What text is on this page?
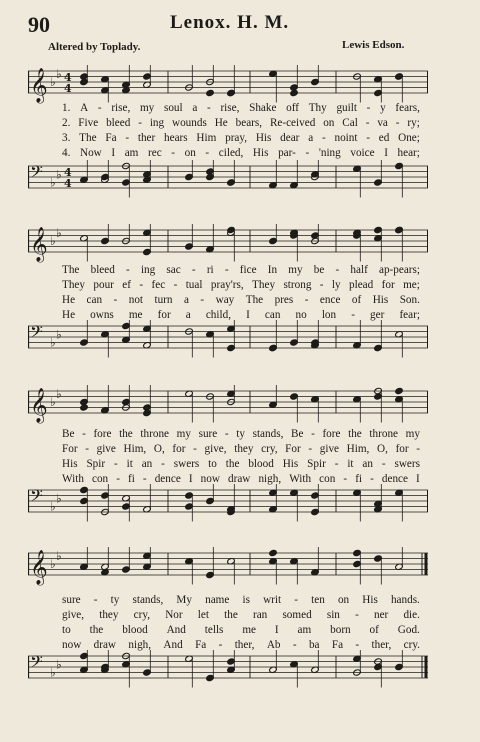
90	Lenox. H. M.
Altered by Toplady.	Lewis Edson.
𝄞 ♭
♭ 4
4
1. A - rise, my soul a - rise, Shake off Thy guilt - y fears,
2. Five bleed - ing wounds He bears, Re-ceived on Cal - va - ry;
3. The Fa - ther hears Him pray, His dear a - noint - ed One;
4. Now I am rec - on - ciled, His par- - 'ning voice I hear;
𝄢 ♭
♭ 4
4
𝄞 ♭
♭
The bleed - ing sac - ri - fice In my be - half ap-pears;
They pour ef - fec - tual pray'rs, They strong - ly plead for me;
He can - not turn a - way The pres - ence of His Son.
He owns me for a child, I can no lon - ger fear;
𝄢 ♭
♭
𝄞 ♭
♭
Be - fore the throne my sure - ty stands, Be - fore the throne my
For - give Him, O, for - give, they cry, For - give Him, O, for -
His Spir - it an - swers to the blood His Spir - it an - swers
With con - fi - dence I now draw nigh, With con - fi - dence I
𝄢 ♭
♭
𝄞 ♭
♭
sure - ty stands, My name is writ - ten on His hands.
give, they cry, Nor let the ran somed sin - ner die.
to the blood And tells me I am born of God.
now draw nigh, And Fa - ther, Ab - ba Fa - ther, cry.
𝄢 ♭
♭
